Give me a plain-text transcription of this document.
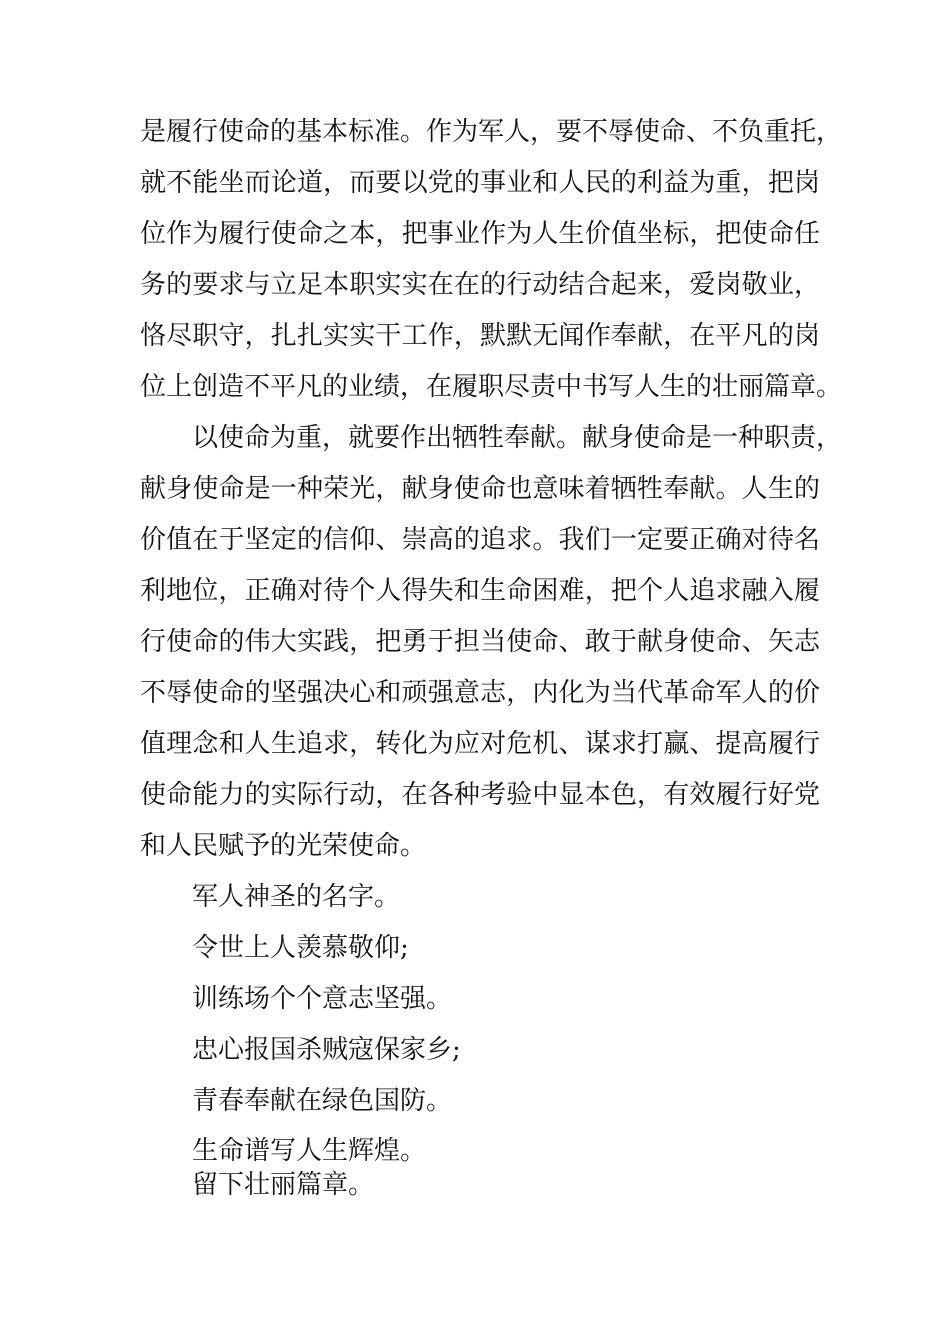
是履行使命的基本标准。作为军人，要不辱使命、不负重托，
就不能坐而论道，而要以党的事业和人民的利益为重，把岗
位作为履行使命之本，把事业作为人生价值坐标，把使命任
务的要求与立足本职实实在在的行动结合起来，爱岗敬业，
恪尽职守，扎扎实实干工作，默默无闻作奉献，在平凡的岗
位上创造不平凡的业绩，在履职尽责中书写人生的壮丽篇章。
以使命为重，就要作出牺牲奉献。献身使命是一种职责，
献身使命是一种荣光，献身使命也意味着牺牲奉献。人生的
价值在于坚定的信仰、崇高的追求。我们一定要正确对待名
利地位，正确对待个人得失和生命困难，把个人追求融入履
行使命的伟大实践，把勇于担当使命、敢于献身使命、矢志
不辱使命的坚强决心和顽强意志，内化为当代革命军人的价
值理念和人生追求，转化为应对危机、谋求打赢、提高履行
使命能力的实际行动，在各种考验中显本色，有效履行好党
和人民赋予的光荣使命。
军人神圣的名字。
令世上人羡慕敬仰;
训练场个个意志坚强。
忠心报国杀贼寇保家乡;
青春奉献在绿色国防。
生命谱写人生辉煌。
留下壮丽篇章。
